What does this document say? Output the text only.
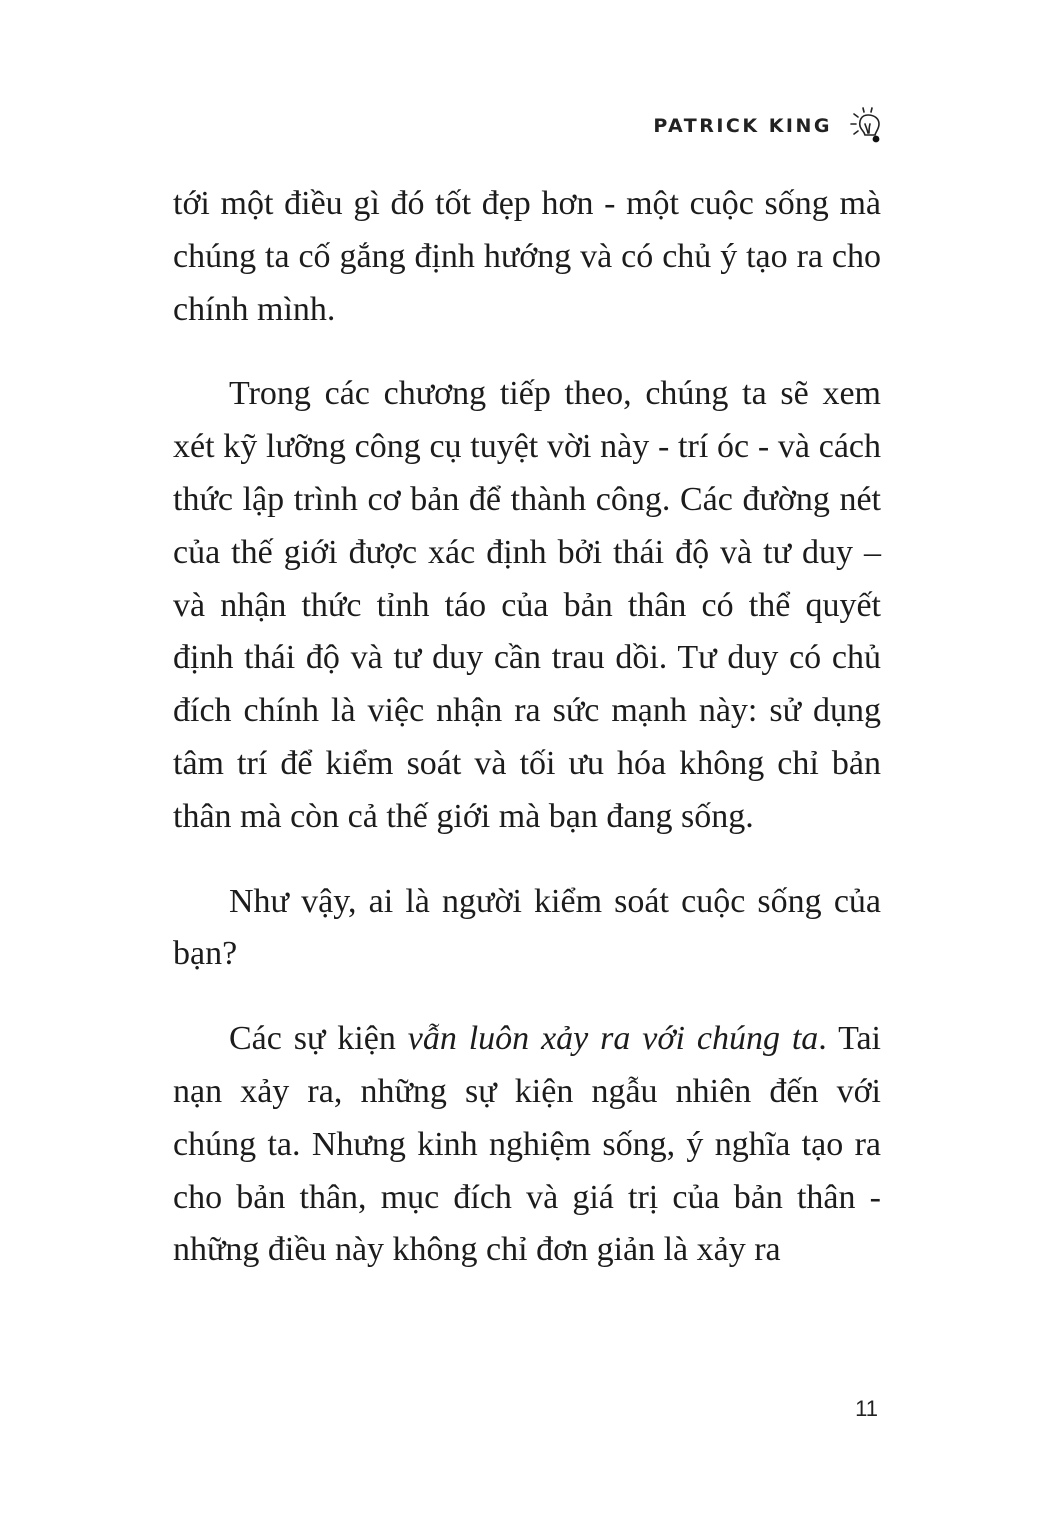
PATRICK KING

tới một điều gì đó tốt đẹp hơn - một cuộc sống mà chúng ta cố gắng định hướng và có chủ ý tạo ra cho chính mình.

Trong các chương tiếp theo, chúng ta sẽ xem xét kỹ lưỡng công cụ tuyệt vời này - trí óc - và cách thức lập trình cơ bản để thành công. Các đường nét của thế giới được xác định bởi thái độ và tư duy – và nhận thức tỉnh táo của bản thân có thể quyết định thái độ và tư duy cần trau dồi. Tư duy có chủ đích chính là việc nhận ra sức mạnh này: sử dụng tâm trí để kiểm soát và tối ưu hóa không chỉ bản thân mà còn cả thế giới mà bạn đang sống.

Như vậy, ai là người kiểm soát cuộc sống của bạn?

Các sự kiện vẫn luôn xảy ra với chúng ta. Tai nạn xảy ra, những sự kiện ngẫu nhiên đến với chúng ta. Nhưng kinh nghiệm sống, ý nghĩa tạo ra cho bản thân, mục đích và giá trị của bản thân - những điều này không chỉ đơn giản là xảy ra

11
